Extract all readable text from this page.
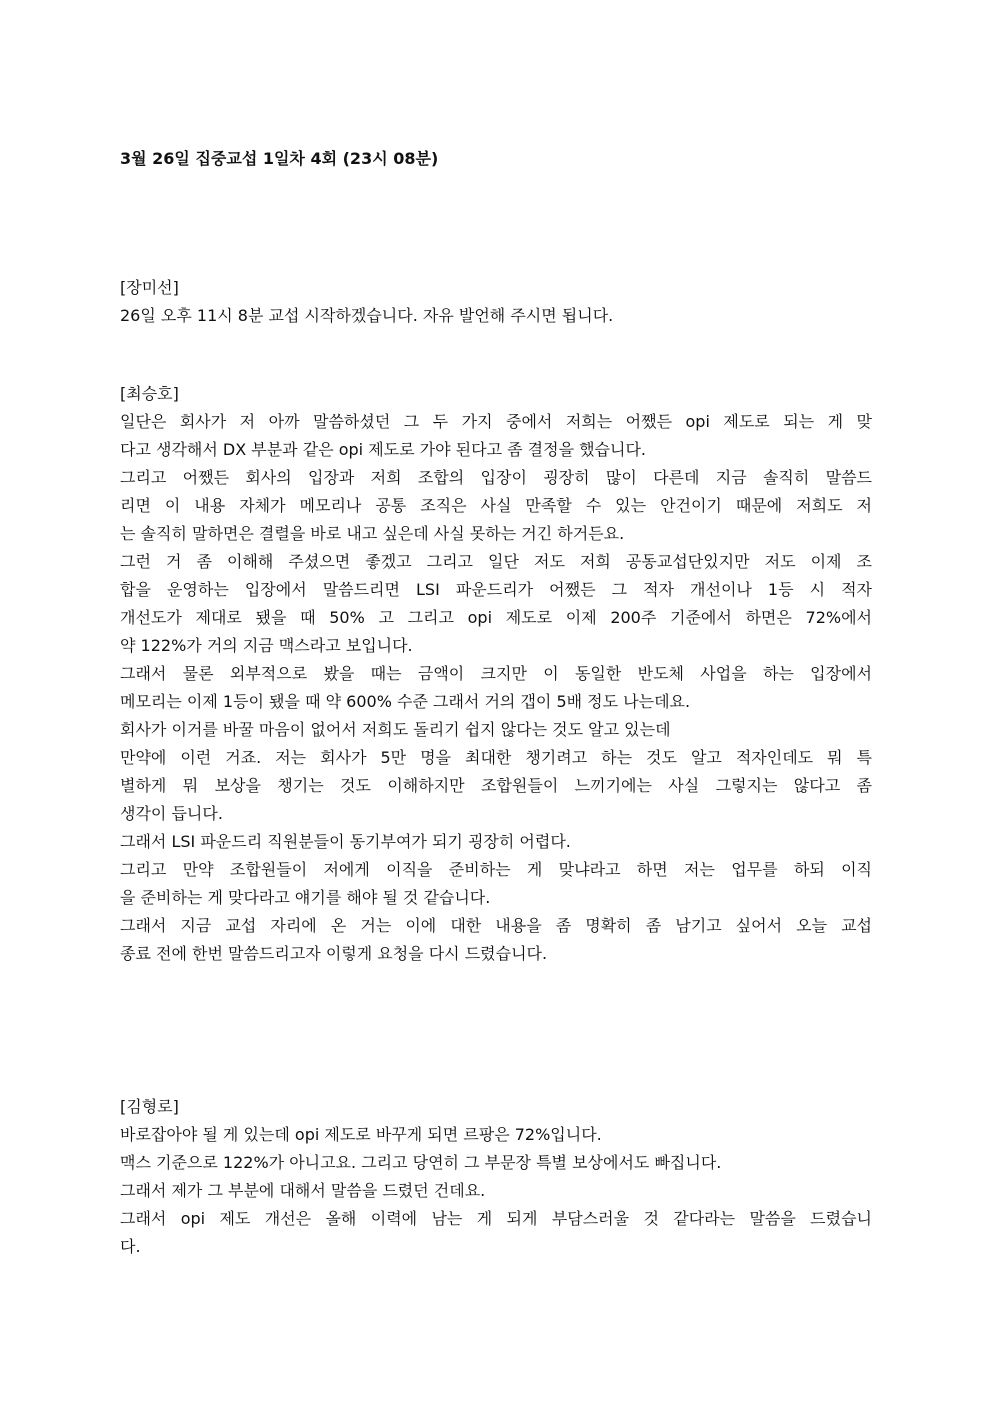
3월 26일 집중교섭 1일차 4회 (23시 08분)

[장미선]

26일 오후 11시 8분 교섭 시작하겠습니다. 자유 발언해 주시면 됩니다.

[최승호]

일단은 회사가 저 아까 말씀하셨던 그 두 가지 중에서 저희는 어쨌든 opi 제도로 되는 게 맞
다고 생각해서 DX 부분과 같은 opi 제도로 가야 된다고 좀 결정을 했습니다.

그리고 어쨌든 회사의 입장과 저희 조합의 입장이 굉장히 많이 다른데 지금 솔직히 말씀드
리면 이 내용 자체가 메모리나 공통 조직은 사실 만족할 수 있는 안건이기 때문에 저희도 저
는 솔직히 말하면은 결렬을 바로 내고 싶은데 사실 못하는 거긴 하거든요.

그런 거 좀 이해해 주셨으면 좋겠고 그리고 일단 저도 저희 공동교섭단있지만 저도 이제 조
합을 운영하는 입장에서 말씀드리면 LSI 파운드리가 어쨌든 그 적자 개선이나 1등 시 적자
개선도가 제대로 됐을 때 50% 고 그리고 opi 제도로 이제 200주 기준에서 하면은 72%에서
약 122%가 거의 지금 맥스라고 보입니다.

그래서 물론 외부적으로 봤을 때는 금액이 크지만 이 동일한 반도체 사업을 하는 입장에서
메모리는 이제 1등이 됐을 때 약 600% 수준 그래서 거의 갭이 5배 정도 나는데요.

회사가 이거를 바꿀 마음이 없어서 저희도 돌리기 쉽지 않다는 것도 알고 있는데

만약에 이런 거죠. 저는 회사가 5만 명을 최대한 챙기려고 하는 것도 알고 적자인데도 뭐 특
별하게 뭐 보상을 챙기는 것도 이해하지만 조합원들이 느끼기에는 사실 그렇지는 않다고 좀
생각이 듭니다.

그래서 LSI 파운드리 직원분들이 동기부여가 되기 굉장히 어렵다.

그리고 만약 조합원들이 저에게 이직을 준비하는 게 맞냐라고 하면 저는 업무를 하되 이직
을 준비하는 게 맞다라고 얘기를 해야 될 것 같습니다.

그래서 지금 교섭 자리에 온 거는 이에 대한 내용을 좀 명확히 좀 남기고 싶어서 오늘 교섭
종료 전에 한번 말씀드리고자 이렇게 요청을 다시 드렸습니다.

[김형로]

바로잡아야 될 게 있는데 opi 제도로 바꾸게 되면 르팡은 72%입니다.

맥스 기준으로 122%가 아니고요. 그리고 당연히 그 부문장 특별 보상에서도 빠집니다.

그래서 제가 그 부분에 대해서 말씀을 드렸던 건데요.

그래서 opi 제도 개선은 올해 이력에 남는 게 되게 부담스러울 것 같다라는 말씀을 드렸습니
다.
